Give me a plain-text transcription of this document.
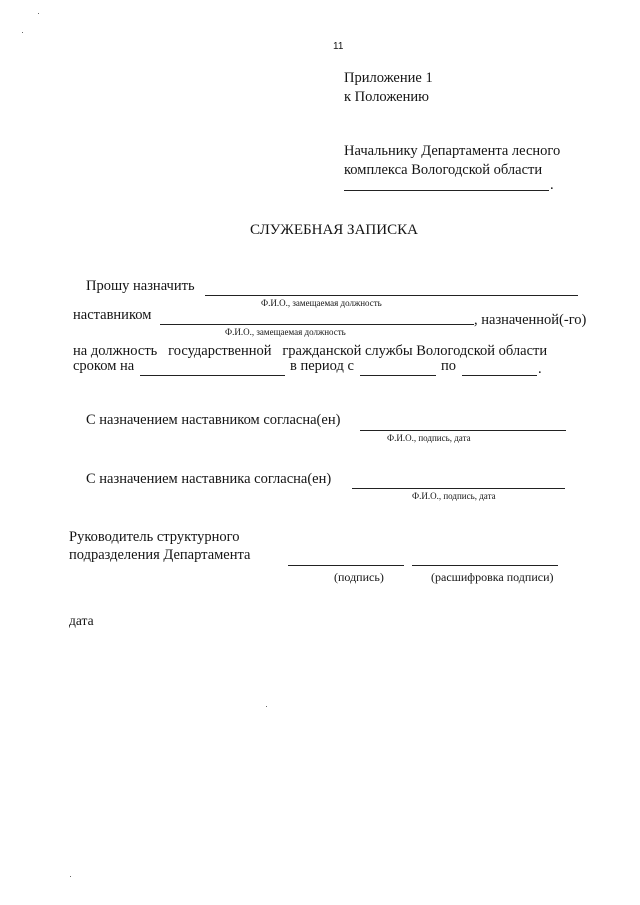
11
Приложение 1
к Положению
Начальнику Департамента лесного
комплекса Вологодской области
.
СЛУЖЕБНАЯ ЗАПИСКА
Прошу назначить
Ф.И.О., замещаемая должность
наставником	, назначенной(-го)
Ф.И.О., замещаемая должность
на должность   государственной   гражданской службы Вологодской области
сроком на	в период с	по	.
С назначением наставником согласна(ен)
Ф.И.О., подпись, дата
С назначением наставника согласна(ен)
Ф.И.О., подпись, дата
Руководитель структурного
подразделения Департамента
(подпись)	(расшифровка подписи)
дата
